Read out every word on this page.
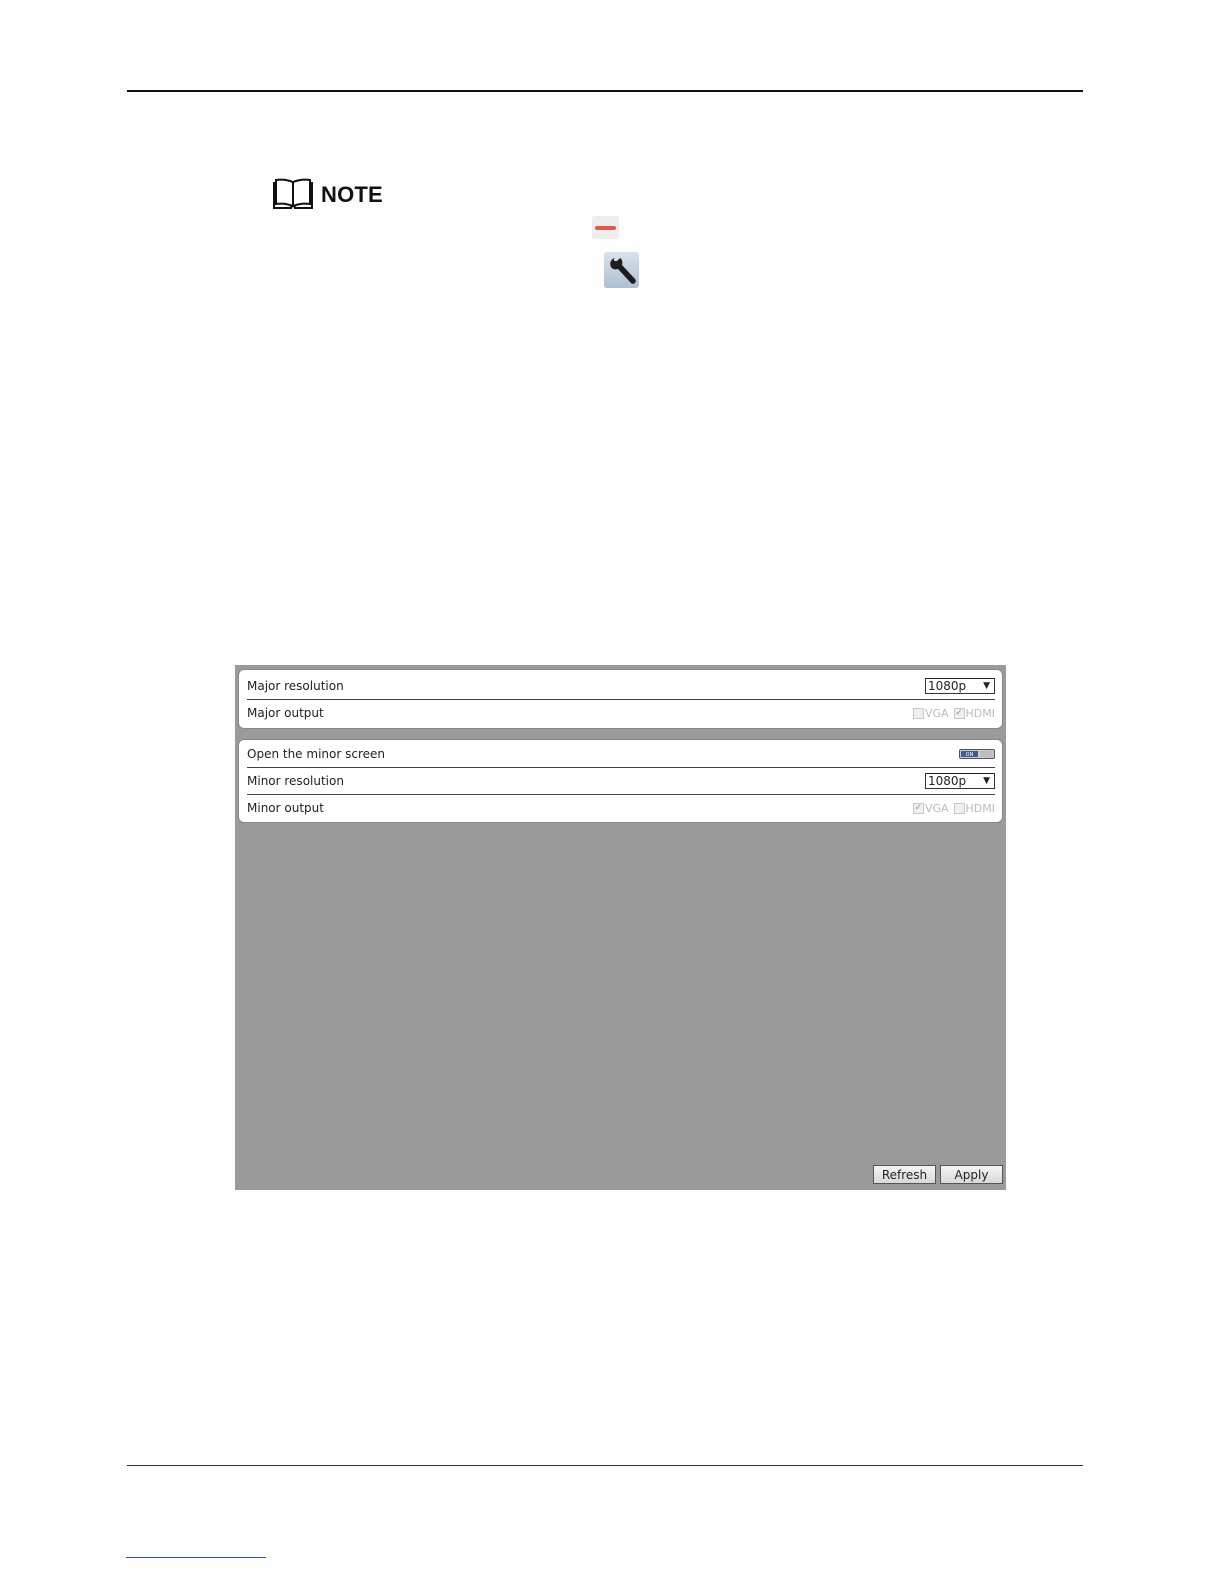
NOTE
Major resolution	1080p ▼
Major output	VGA ✓ HDMI
Open the minor screen	ON
Minor resolution	1080p ▼
Minor output	✓ VGA HDMI
Refresh	Apply
